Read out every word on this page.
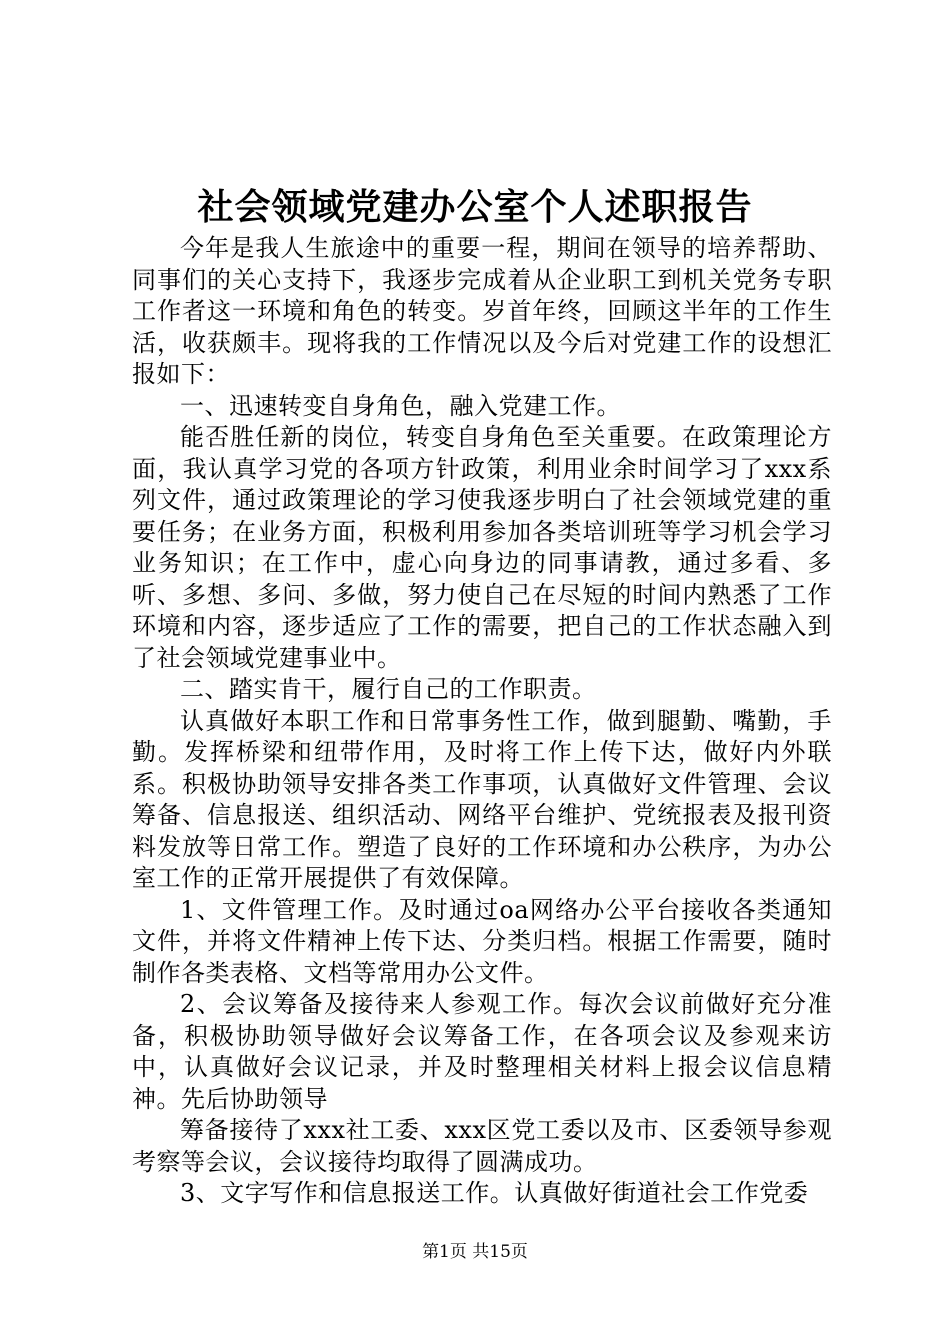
社会领域党建办公室个人述职报告

今年是我人生旅途中的重要一程，期间在领导的培养帮助、同事们的关心支持下，我逐步完成着从企业职工到机关党务专职工作者这一环境和角色的转变。岁首年终，回顾这半年的工作生活，收获颇丰。现将我的工作情况以及今后对党建工作的设想汇报如下：

一、迅速转变自身角色，融入党建工作。

能否胜任新的岗位，转变自身角色至关重要。在政策理论方面，我认真学习党的各项方针政策，利用业余时间学习了xxx系列文件，通过政策理论的学习使我逐步明白了社会领域党建的重要任务；在业务方面，积极利用参加各类培训班等学习机会学习业务知识；在工作中，虚心向身边的同事请教，通过多看、多听、多想、多问、多做，努力使自己在尽短的时间内熟悉了工作环境和内容，逐步适应了工作的需要，把自己的工作状态融入到了社会领域党建事业中。

二、踏实肯干，履行自己的工作职责。

认真做好本职工作和日常事务性工作，做到腿勤、嘴勤，手勤。发挥桥梁和纽带作用，及时将工作上传下达，做好内外联系。积极协助领导安排各类工作事项，认真做好文件管理、会议筹备、信息报送、组织活动、网络平台维护、党统报表及报刊资料发放等日常工作。塑造了良好的工作环境和办公秩序，为办公室工作的正常开展提供了有效保障。

1、文件管理工作。及时通过oa网络办公平台接收各类通知文件，并将文件精神上传下达、分类归档。根据工作需要，随时制作各类表格、文档等常用办公文件。

2、会议筹备及接待来人参观工作。每次会议前做好充分准备，积极协助领导做好会议筹备工作，在各项会议及参观来访中，认真做好会议记录，并及时整理相关材料上报会议信息精神。先后协助领导

筹备接待了xxx社工委、xxx区党工委以及市、区委领导参观考察等会议，会议接待均取得了圆满成功。

3、文字写作和信息报送工作。认真做好街道社会工作党委

第1页 共15页
